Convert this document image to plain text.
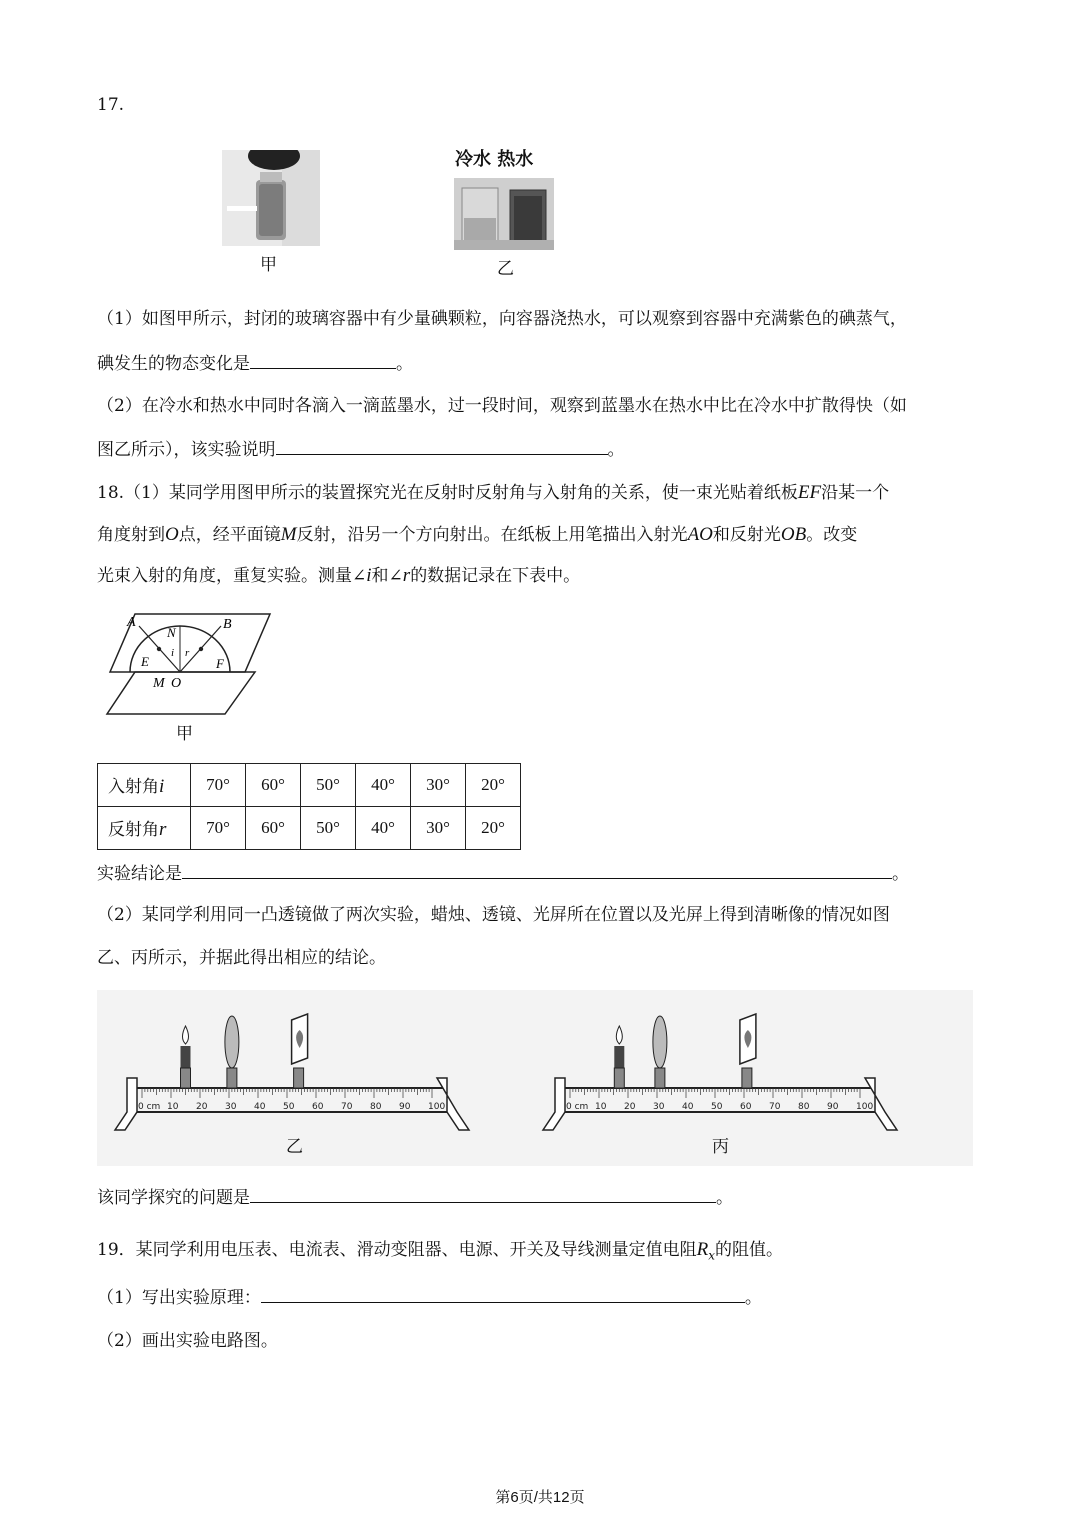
17.
甲
冷水 热水
乙
（1）如图甲所示，封闭的玻璃容器中有少量碘颗粒，向容器浇热水，可以观察到容器中充满紫色的碘蒸气，
碘发生的物态变化是	。
（2）在冷水和热水中同时各滴入一滴蓝墨水，过一段时间，观察到蓝墨水在热水中比在冷水中扩散得快（如
图乙所示），该实验说明	。
18.（1）某同学用图甲所示的装置探究光在反射时反射角与入射角的关系，使一束光贴着纸板EF沿某一个
角度射到O点，经平面镜M反射，沿另一个方向射出。在纸板上用笔描出入射光AO和反射光OB。改变
光束入射的角度，重复实验。测量∠i和∠r的数据记录在下表中。
A	B
N
E	F
i r
M O
甲
入射角i	70°	60°	50°	40°	30°	20°
反射角r	70°	60°	50°	40°	30°	20°
实验结论是	。
（2）某同学利用同一凸透镜做了两次实验，蜡烛、透镜、光屏所在位置以及光屏上得到清晰像的情况如图
乙、丙所示，并据此得出相应的结论。
0 cm 10 20 30 40 50 60 70 80 90 100	0 cm 10 20 30 40 50 60 70 80 90 100
乙	丙
该同学探究的问题是	。
19．某同学利用电压表、电流表、滑动变阻器、电源、开关及导线测量定值电阻$R_x$的阻值。
（1）写出实验原理：	。
（2）画出实验电路图。
第6页/共12页
